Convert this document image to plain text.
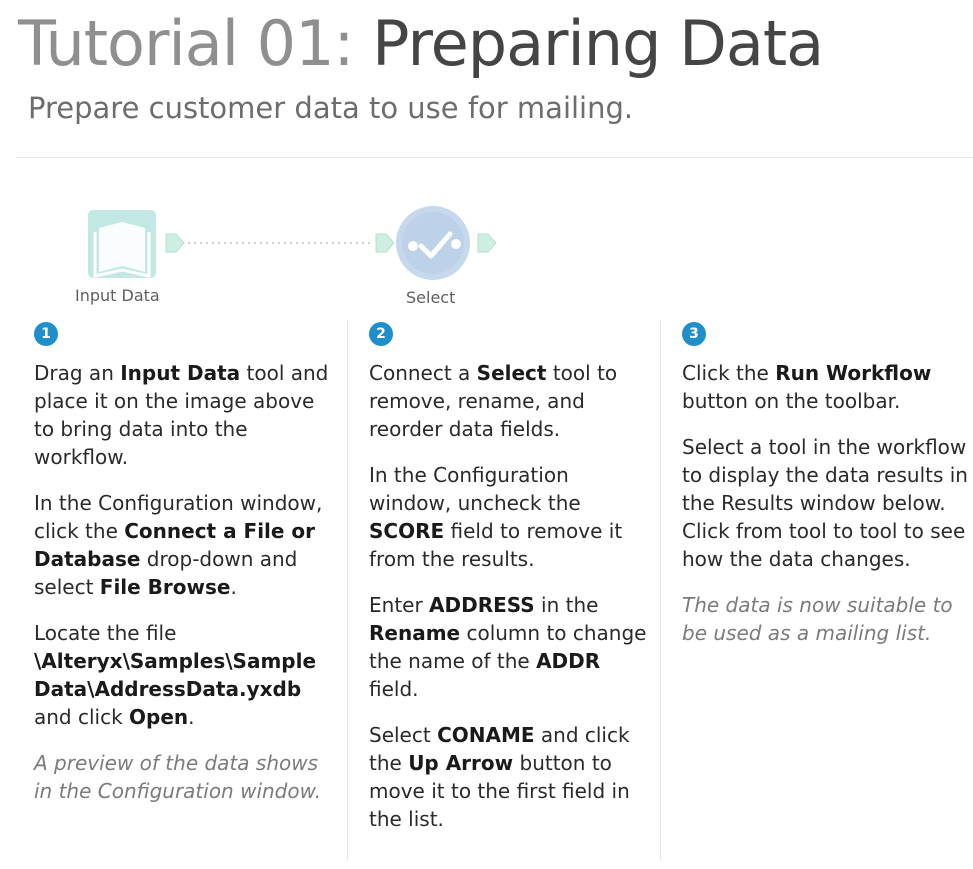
Tutorial 01: Preparing Data
Prepare customer data to use for mailing.
Input Data	Select
1

Drag an Input Data tool and place it on the image above to bring data into the workflow.

In the Configuration window, click the Connect a File or Database drop-down and select File Browse.

Locate the file \Alteryx\Samples\Sample Data\AddressData.yxdb and click Open.

A preview of the data shows in the Configuration window.

2

Connect a Select tool to remove, rename, and reorder data fields.

In the Configuration window, uncheck the SCORE field to remove it from the results.

Enter ADDRESS in the Rename column to change the name of the ADDR field.

Select CONAME and click the Up Arrow button to move it to the first field in the list.

3

Click the Run Workflow button on the toolbar.

Select a tool in the workflow to display the data results in the Results window below. Click from tool to tool to see how the data changes.

The data is now suitable to be used as a mailing list.
